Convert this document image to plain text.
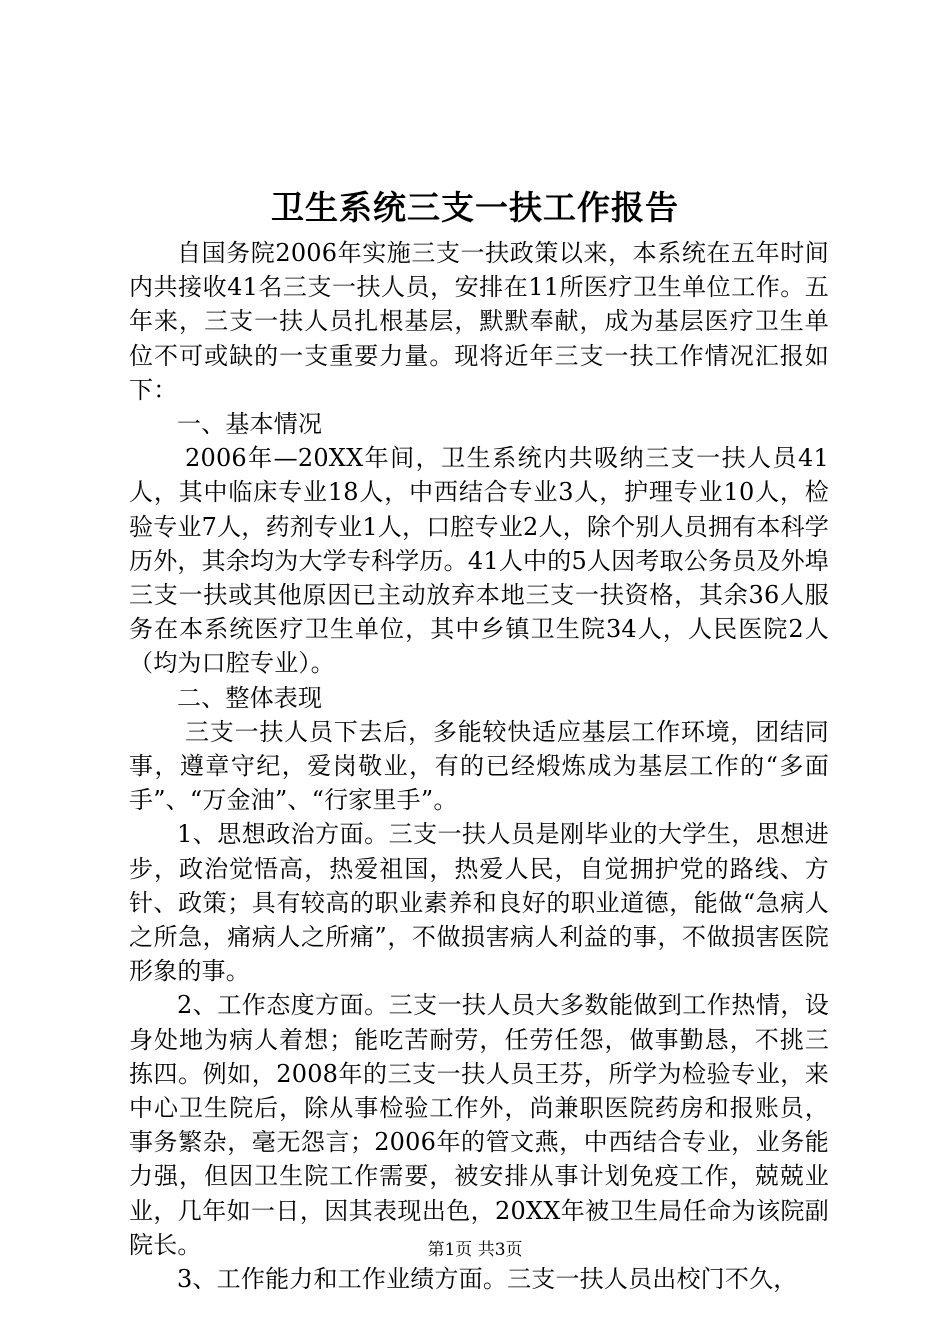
卫生系统三支一扶工作报告

自国务院2006年实施三支一扶政策以来，本系统在五年时间内共接收41名三支一扶人员，安排在11所医疗卫生单位工作。五年来，三支一扶人员扎根基层，默默奉献，成为基层医疗卫生单位不可或缺的一支重要力量。现将近年三支一扶工作情况汇报如下：

一、基本情况

2006年—20XX年间，卫生系统内共吸纳三支一扶人员41人，其中临床专业18人，中西结合专业3人，护理专业10人，检验专业7人，药剂专业1人，口腔专业2人，除个别人员拥有本科学历外，其余均为大学专科学历。41人中的5人因考取公务员及外埠三支一扶或其他原因已主动放弃本地三支一扶资格，其余36人服务在本系统医疗卫生单位，其中乡镇卫生院34人，人民医院2人（均为口腔专业）。

二、整体表现

三支一扶人员下去后，多能较快适应基层工作环境，团结同事，遵章守纪，爱岗敬业，有的已经煅炼成为基层工作的“多面手”、“万金油”、“行家里手”。

1、思想政治方面。三支一扶人员是刚毕业的大学生，思想进步，政治觉悟高，热爱祖国，热爱人民，自觉拥护党的路线、方针、政策；具有较高的职业素养和良好的职业道德，能做“急病人之所急，痛病人之所痛”，不做损害病人利益的事，不做损害医院形象的事。

2、工作态度方面。三支一扶人员大多数能做到工作热情，设身处地为病人着想；能吃苦耐劳，任劳任怨，做事勤恳，不挑三拣四。例如，2008年的三支一扶人员王芬，所学为检验专业，来中心卫生院后，除从事检验工作外，尚兼职医院药房和报账员，事务繁杂，毫无怨言；2006年的管文燕，中西结合专业，业务能力强，但因卫生院工作需要，被安排从事计划免疫工作，兢兢业业，几年如一日，因其表现出色，20XX年被卫生局任命为该院副院长。

3、工作能力和工作业绩方面。三支一扶人员出校门不久，

第1页 共3页
